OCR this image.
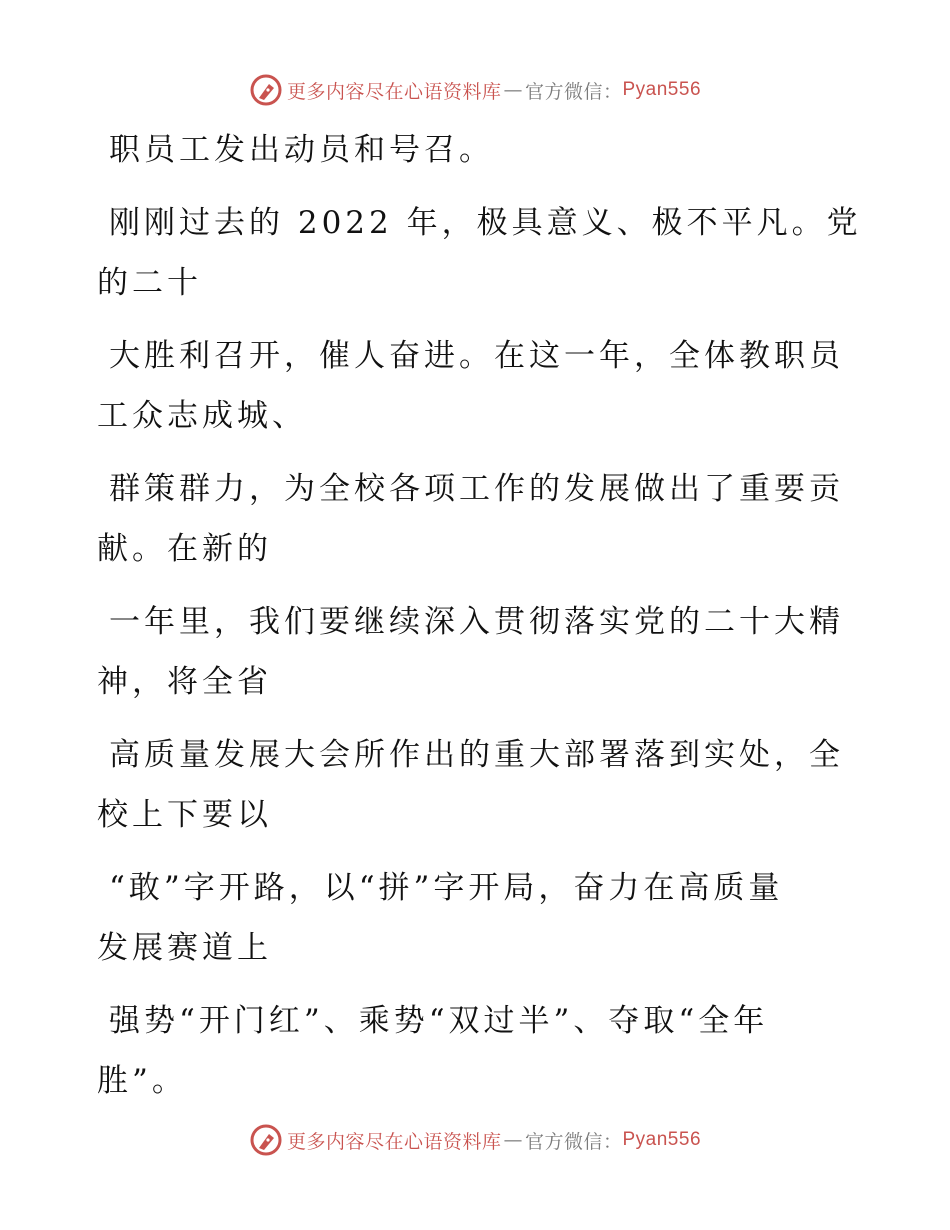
更多内容尽在心语资料库 — 官方微信： Pyan556

职员工发出动员和号召。

刚刚过去的 2022 年，极具意义、极不平凡。党
的二十

大胜利召开，催人奋进。在这一年，全体教职员
工众志成城、

群策群力，为全校各项工作的发展做出了重要贡
献。在新的

一年里，我们要继续深入贯彻落实党的二十大精
神，将全省

高质量发展大会所作出的重大部署落到实处，全
校上下要以

“敢”字开路，以“拼”字开局，奋力在高质量
发展赛道上

强势“开门红”、乘势“双过半”、夺取“全年
胜”。

更多内容尽在心语资料库 — 官方微信： Pyan556
